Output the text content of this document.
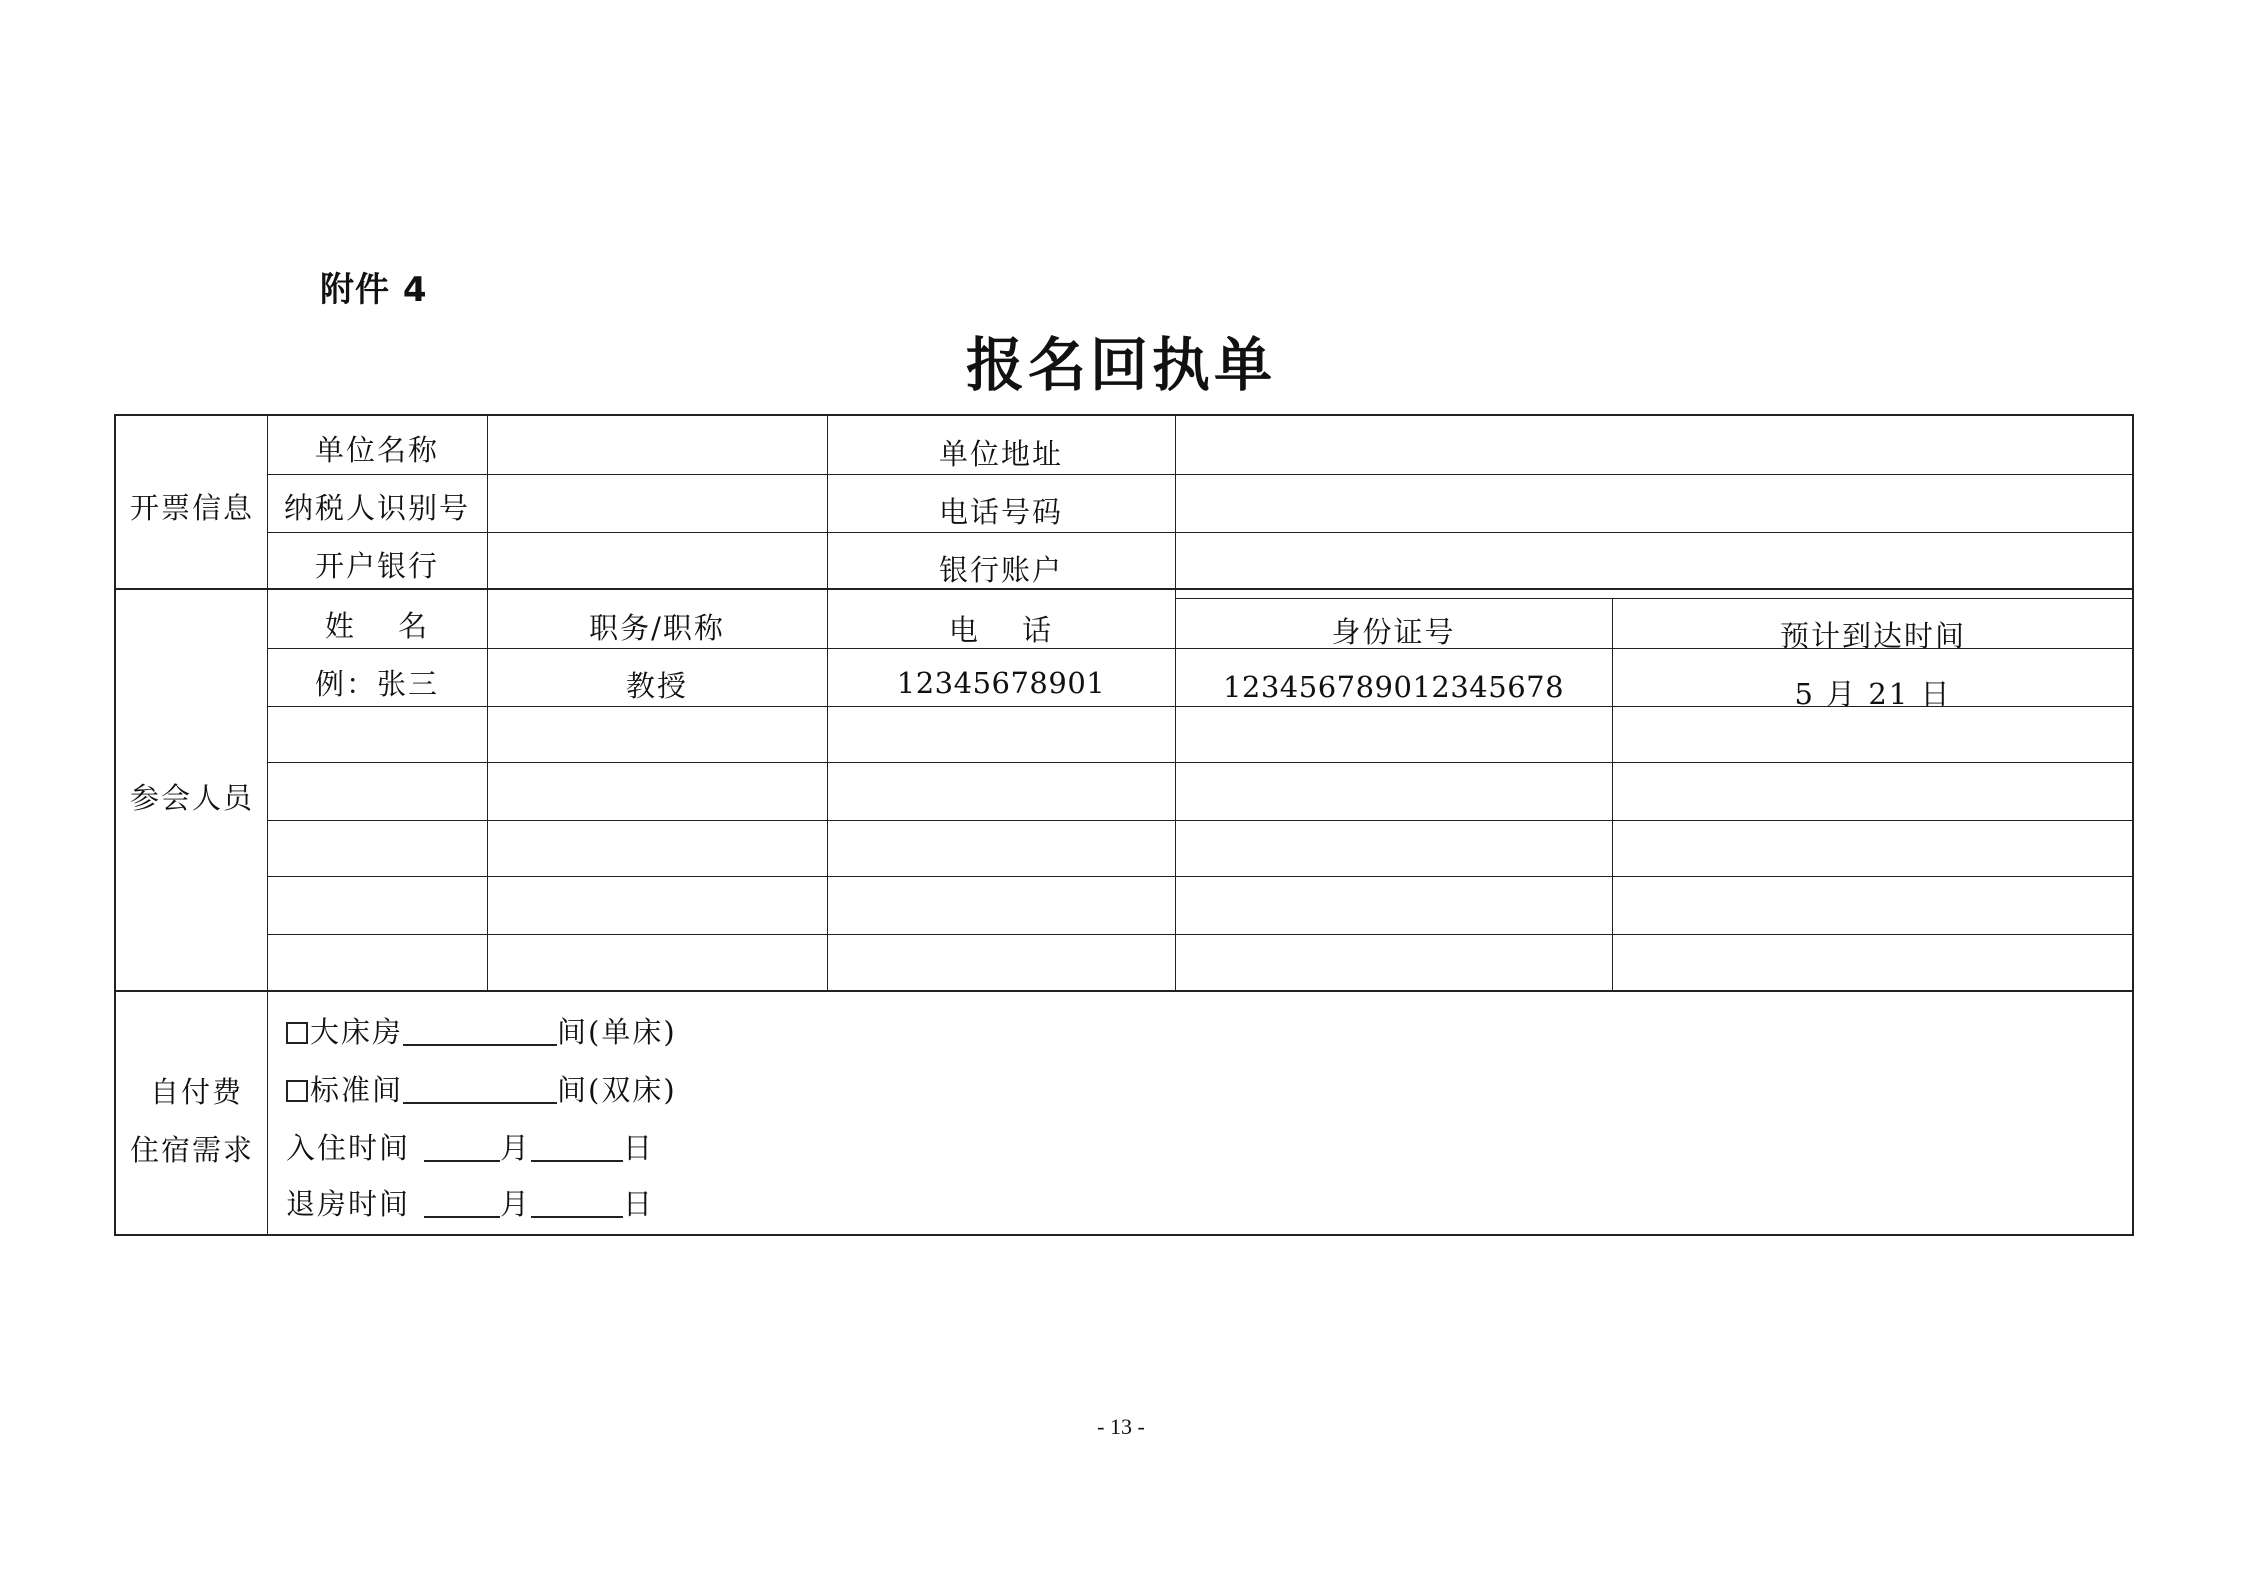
附件 4
报名回执单
开票信息
单位名称	单位地址
纳税人识别号	电话号码
开户银行	银行账户
参会人员
姓　 名	职务/职称	电　 话	身份证号	预计到达时间
例：张三	教授	12345678901	123456789012345678	5 月 21 日
自付费
住宿需求
大床房	间(单床)
标准间	间(双床)
入住时间	月	日
退房时间	月	日
- 13 -
